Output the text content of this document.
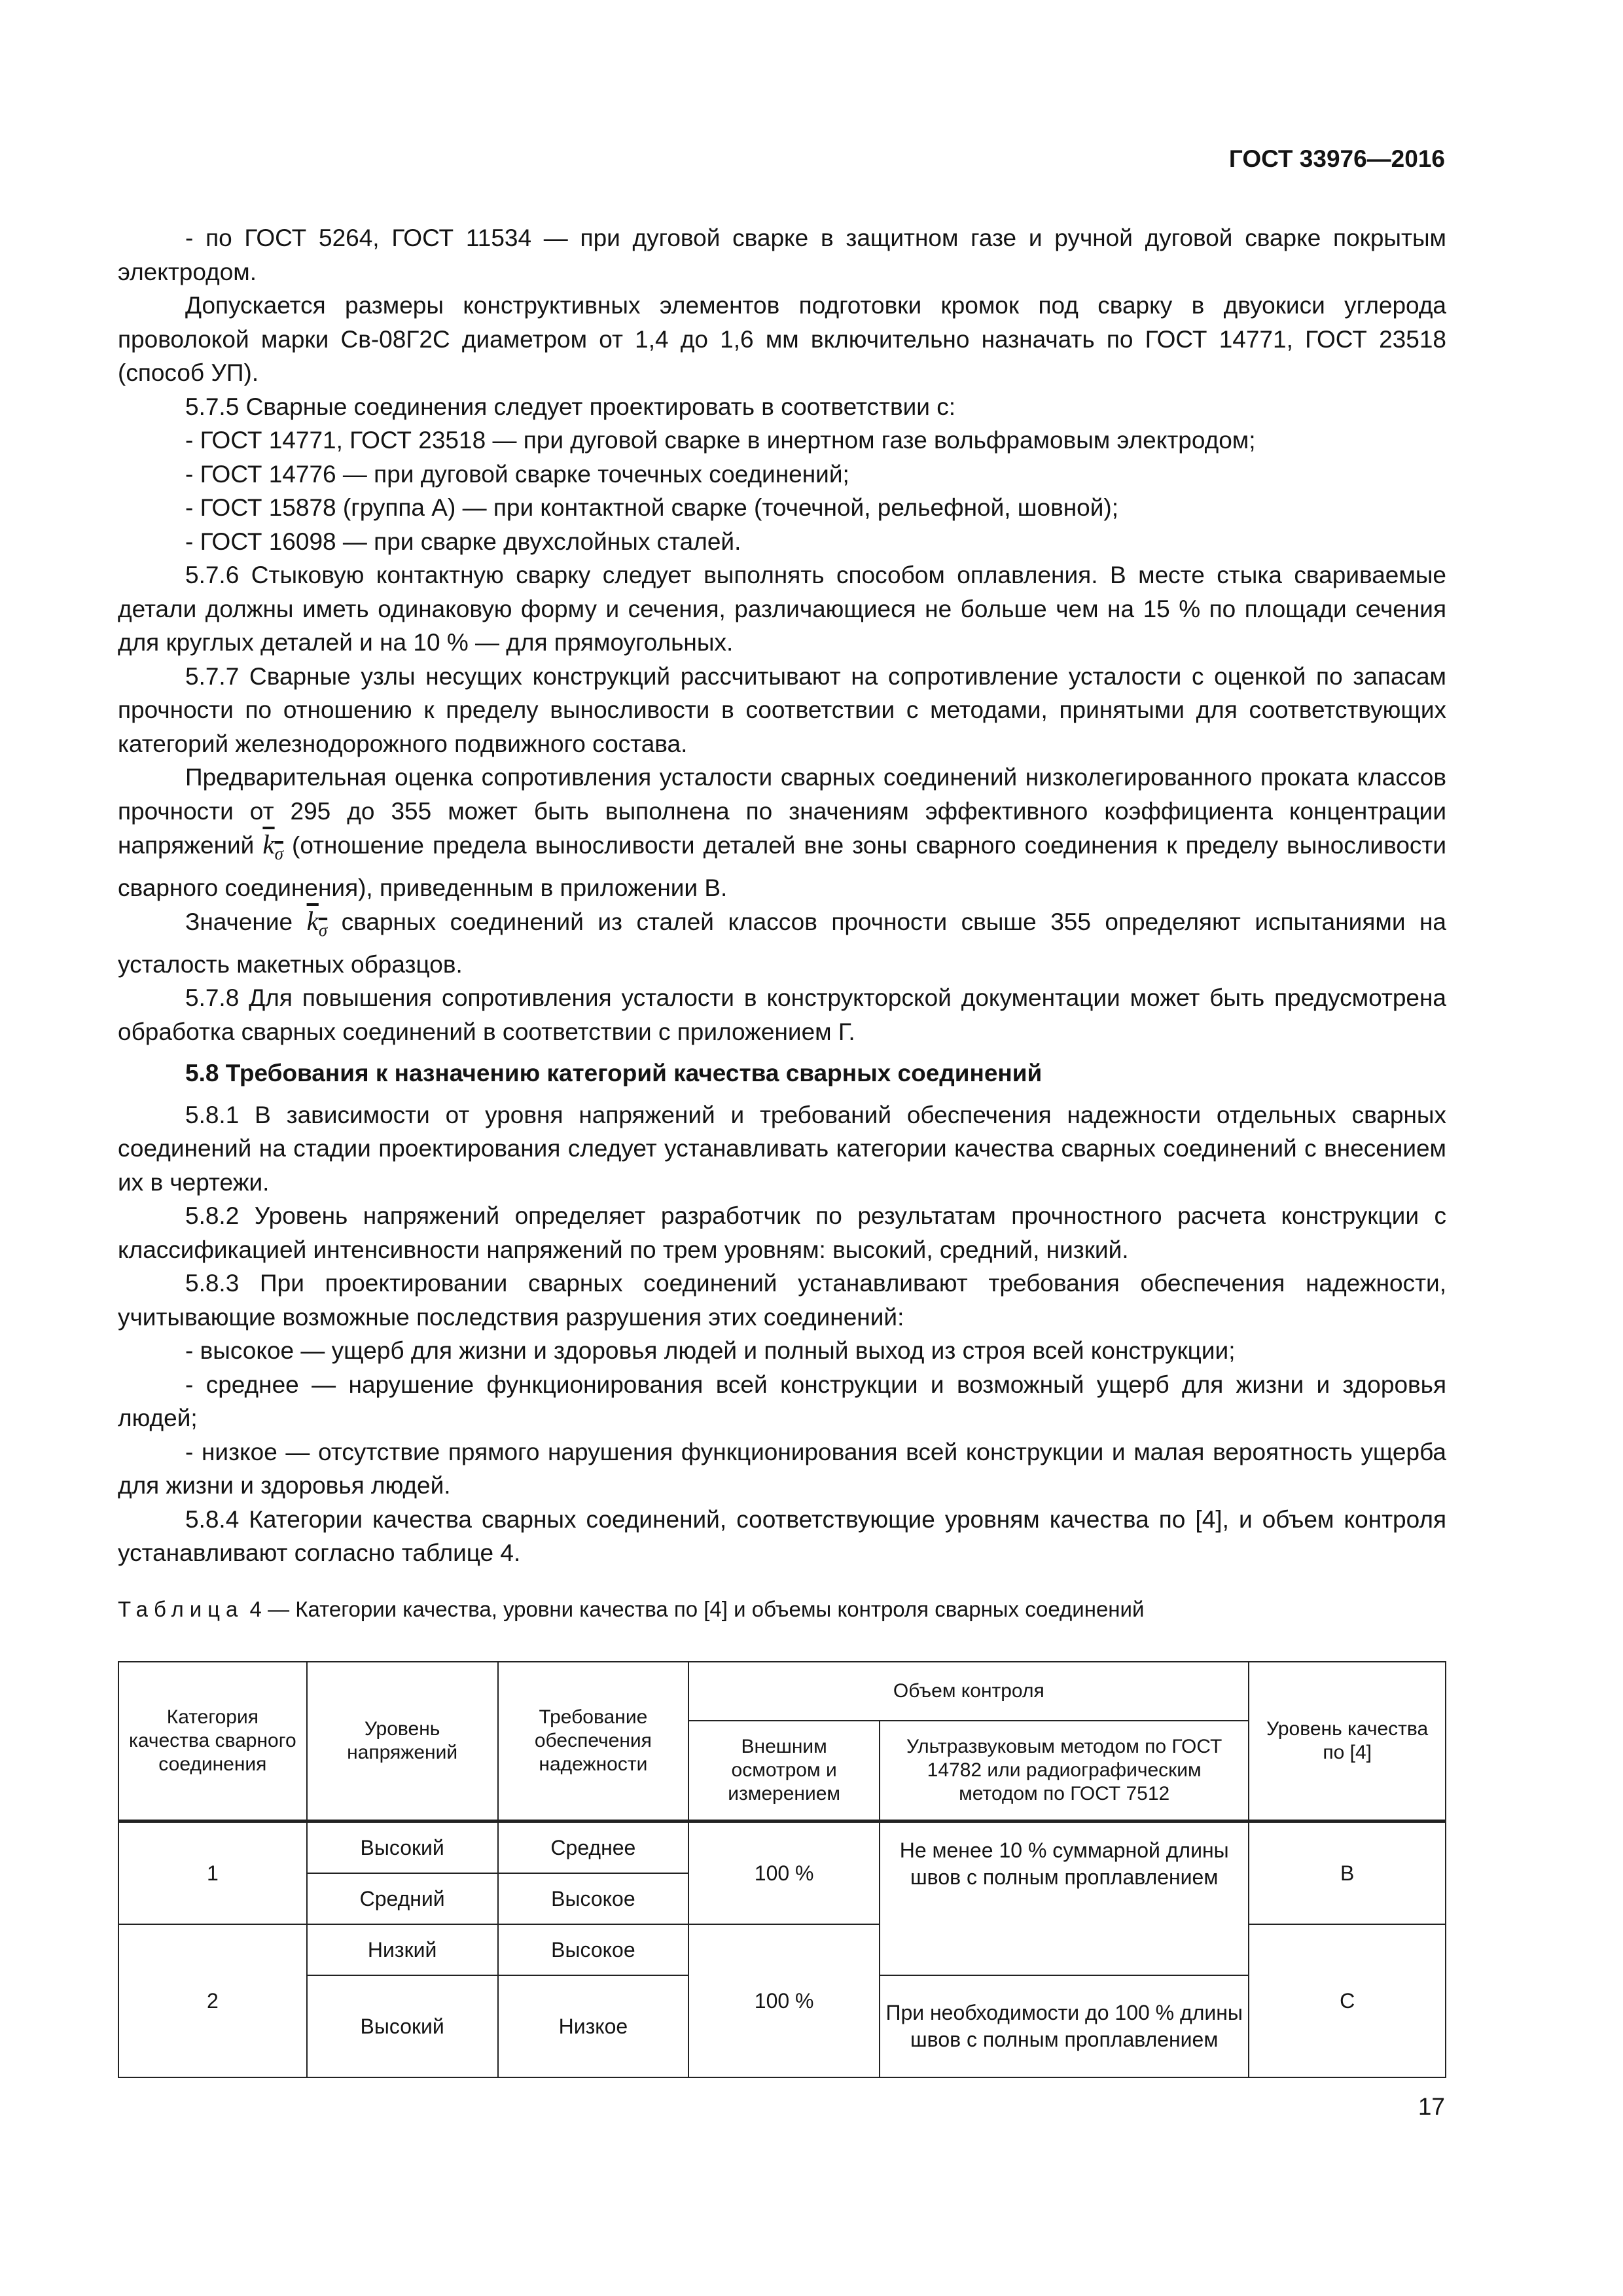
ГОСТ 33976—2016

- по ГОСТ 5264, ГОСТ 11534 — при дуговой сварке в защитном газе и ручной дуговой сварке покрытым электродом.

Допускается размеры конструктивных элементов подготовки кромок под сварку в двуокиси углерода проволокой марки Св-08Г2С диаметром от 1,4 до 1,6 мм включительно назначать по ГОСТ 14771, ГОСТ 23518 (способ УП).

5.7.5 Сварные соединения следует проектировать в соответствии с:

- ГОСТ 14771, ГОСТ 23518 — при дуговой сварке в инертном газе вольфрамовым электродом;

- ГОСТ 14776 — при дуговой сварке точечных соединений;

- ГОСТ 15878 (группа А) — при контактной сварке (точечной, рельефной, шовной);

- ГОСТ 16098 — при сварке двухслойных сталей.

5.7.6 Стыковую контактную сварку следует выполнять способом оплавления. В месте стыка свариваемые детали должны иметь одинаковую форму и сечения, различающиеся не больше чем на 15 % по площади сечения для круглых деталей и на 10 % — для прямоугольных.

5.7.7 Сварные узлы несущих конструкций рассчитывают на сопротивление усталости с оценкой по запасам прочности по отношению к пределу выносливости в соответствии с методами, принятыми для соответствующих категорий железнодорожного подвижного состава.

Предварительная оценка сопротивления усталости сварных соединений низколегированного проката классов прочности от 295 до 355 может быть выполнена по значениям эффективного коэффициента концентрации напряжений $k_\sigma$ (отношение предела выносливости деталей вне зоны сварного соединения к пределу выносливости сварного соединения), приведенным в приложении В.

Значение $k_\sigma$ сварных соединений из сталей классов прочности свыше 355 определяют испытаниями на усталость макетных образцов.

5.7.8 Для повышения сопротивления усталости в конструкторской документации может быть предусмотрена обработка сварных соединений в соответствии с приложением Г.

5.8 Требования к назначению категорий качества сварных соединений

5.8.1 В зависимости от уровня напряжений и требований обеспечения надежности отдельных сварных соединений на стадии проектирования следует устанавливать категории качества сварных соединений с внесением их в чертежи.

5.8.2 Уровень напряжений определяет разработчик по результатам прочностного расчета конструкции с классификацией интенсивности напряжений по трем уровням: высокий, средний, низкий.

5.8.3 При проектировании сварных соединений устанавливают требования обеспечения надежности, учитывающие возможные последствия разрушения этих соединений:

- высокое — ущерб для жизни и здоровья людей и полный выход из строя всей конструкции;

- среднее — нарушение функционирования всей конструкции и возможный ущерб для жизни и здоровья людей;

- низкое — отсутствие прямого нарушения функционирования всей конструкции и малая вероятность ущерба для жизни и здоровья людей.

5.8.4 Категории качества сварных соединений, соответствующие уровням качества по [4], и объем контроля устанавливают согласно таблице 4.

Таблица 4 — Категории качества, уровни качества по [4] и объемы контроля сварных соединений
Категория качества сварного соединения	Уровень напряжений	Требование обеспечения надежности	Объем контроля		Уровень качества по [4]
			Внешним осмотром и измерением	Ультразвуковым методом по ГОСТ 14782 или радиографическим методом по ГОСТ 7512	
1	Высокий	Среднее	100 %	Не менее 10 % суммарной длины швов с полным проплавлением	B
	Средний	Высокое			
2	Низкий	Высокое	100 %		C
	Высокий	Низкое		При необходимости до 100 % длины швов с полным проплавлением	
17
